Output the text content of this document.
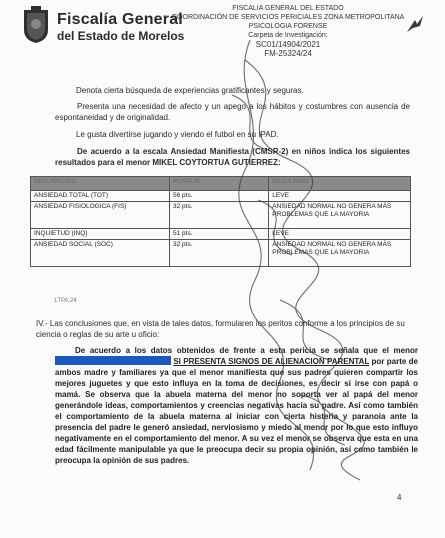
Fiscalía General
del Estado de Morelos
FISCALIA GENERAL DEL ESTADO
COORDINACIÓN DE SERVICIOS PERICIALES ZONA METROPOLITANA
PSICOLOGIA FORENSE
Carpeta de Investigación:
SC01/14904/2021
FM-25324/24
Denota cierta búsqueda de experiencias gratificantes y seguras.
Presenta una necesidad de afecto y un apego a los hábitos y costumbres con ausencia de espontaneidad y de originalidad.
Le gusta divertirse jugando y viendo el futbol en su IPAD.
De acuerdo a la escala Ansiedad Manifiesta (CMSR-2) en niños indica los siguientes resultados para el menor MIKEL COYTORTUA GUTIERREZ:
DESCRIPCIÓN	PUNTAJE	RESULTADO
ANSIEDAD TOTAL (TOT)	56 pts.	LEVE
ANSIEDAD FISIOLOGICA (FIS)	32 pts.	ANSIEDAD NORMAL NO GENERA MÁS PROBLEMAS QUE LA MAYORIA
INQUIETUD (INQ)	51 pts.	LEVE
ANSIEDAD SOCIAL (SOC)	32 pts.	ANSIEDAD NORMAL NO GENERA MÁS PROBLEMAS QUE LA MAYORIA
1TPA 24
IV.- Las conclusiones que, en vista de tales datos, formularen los peritos conforme a los principios de su ciencia o reglas de su arte u oficio:
De acuerdo a los datos obtenidos de frente a esta pericia se señala que el menor  SI PRESENTA SIGNOS DE ALIENACION PARENTAL por parte de ambos madre y familiares ya que el menor manifiesta que sus padres quieren compartir los mejores juguetes y que esto influya en la toma de decisiones, es decir si irse con papá o mamá. Se observa que la abuela materna del menor no soporta ver al papá del menor generándole ideas, comportamientos y creencias negativas hacia su padre. Así como también el comportamiento de la abuela materna al iniciar con cierta histeria y paranoia ante la presencia del padre le generó ansiedad, nerviosismo y miedo al menor por lo que esto influyo negativamente en el comportamiento del menor. A su vez el menor se observa que esta en una edad fácilmente manipulable ya que le preocupa decir su propia opinión, así como también le preocupa la opinión de sus padres.
4
